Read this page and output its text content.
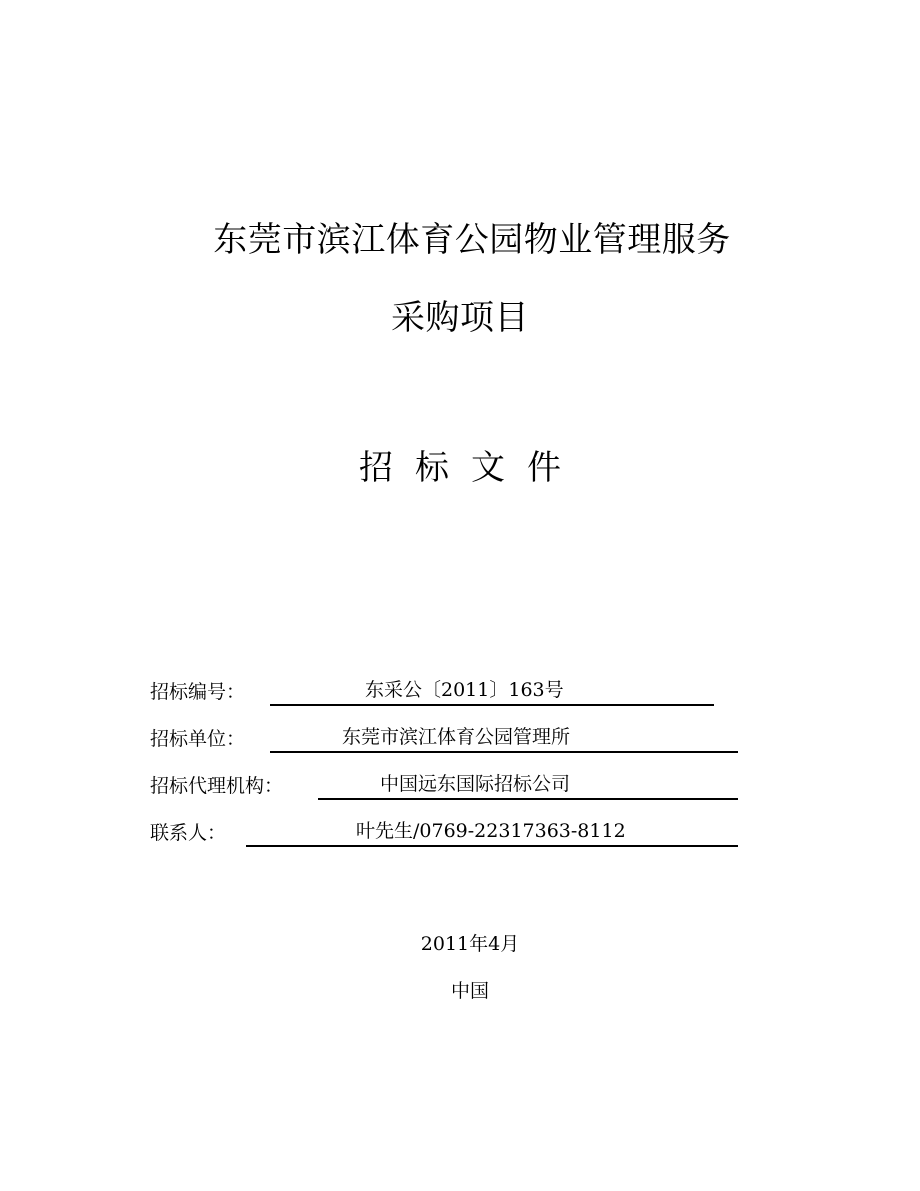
东莞市滨江体育公园物业管理服务
采购项目
招 标 文 件
招标编号：	东采公〔2011〕163号
招标单位：	东莞市滨江体育公园管理所
招标代理机构：	中国远东国际招标公司
联系人：	叶先生/0769-22317363-8112
2011年4月
中国
